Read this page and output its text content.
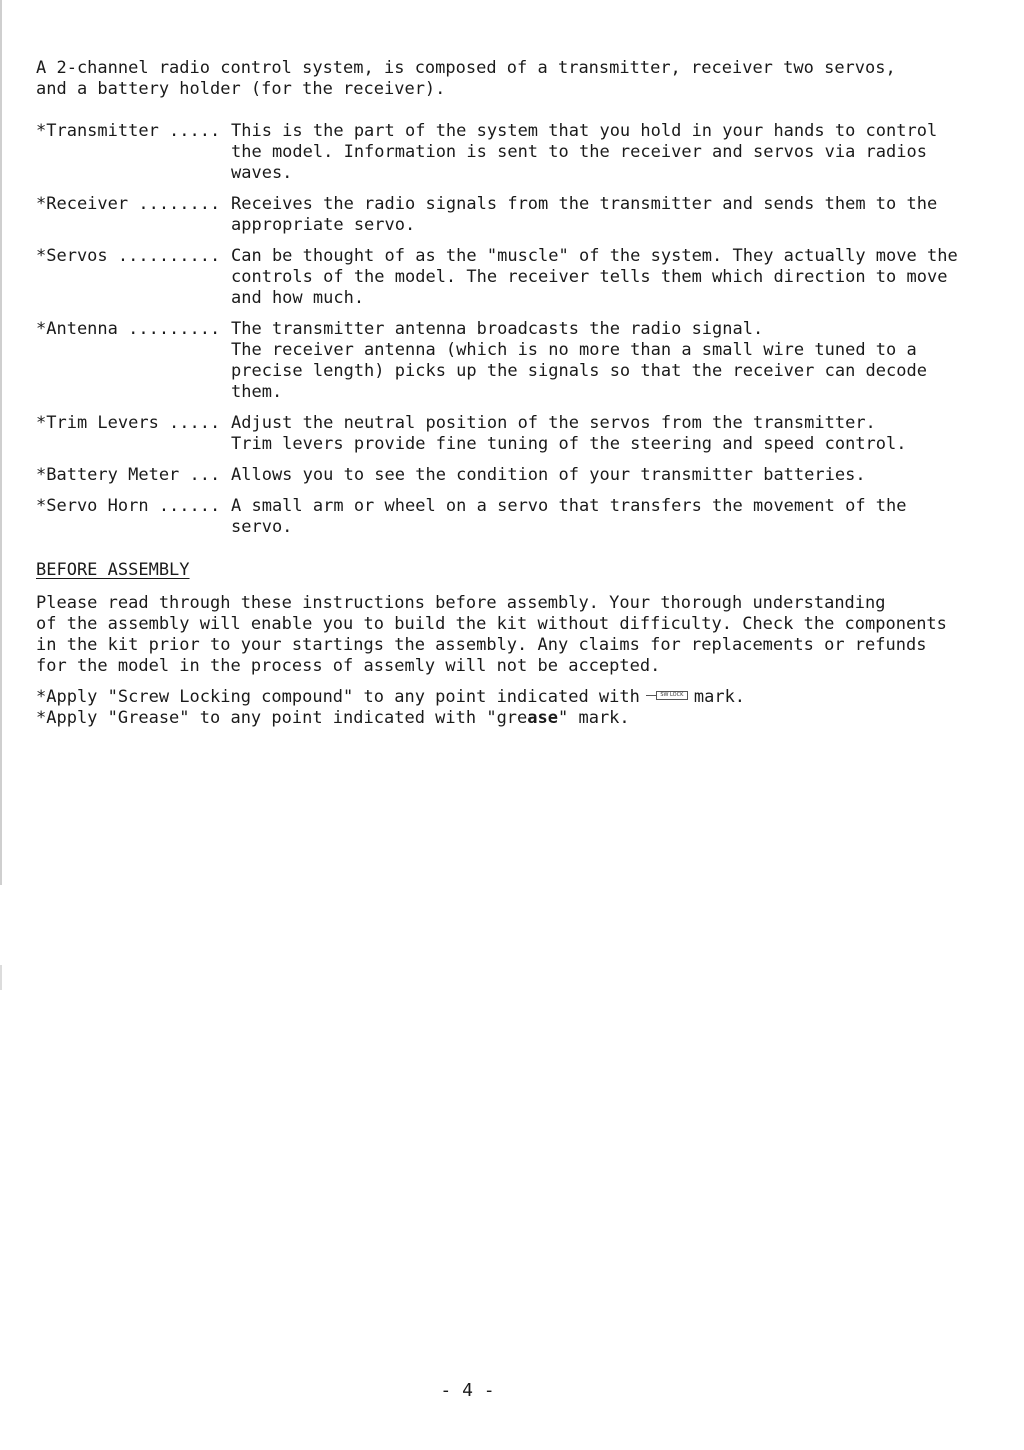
A 2-channel radio control system, is composed of a transmitter, receiver two servos,

and a battery holder (for the receiver).

*Transmitter ..... This is the part of the system that you hold in your hands to control the model. Information is sent to the receiver and servos via radios waves.

*Receiver ........ Receives the radio signals from the transmitter and sends them to the appropriate servo.

*Servos .......... Can be thought of as the "muscle" of the system. They actually move the controls of the model. The receiver tells them which direction to move and how much.

*Antenna ......... The transmitter antenna broadcasts the radio signal.

The receiver antenna (which is no more than a small wire tuned to a precise length) picks up the signals so that the receiver can decode them.

*Trim Levers ..... Adjust the neutral position of the servos from the transmitter.

Trim levers provide fine tuning of the steering and speed control.

*Battery Meter ... Allows you to see the condition of your transmitter batteries.

*Servo Horn ...... A small arm or wheel on a servo that transfers the movement of the servo.

BEFORE ASSEMBLY

Please read through these instructions before assembly. Your thorough understanding

of the assembly will enable you to build the kit without difficulty. Check the components

in the kit prior to your startings the assembly. Any claims for replacements or refunds

for the model in the process of assemly will not be accepted.

*Apply "Screw Locking compound" to any point indicated with	SW LOCK mark.

*Apply "Grease" to any point indicated with "grease" mark.

- 4 -
